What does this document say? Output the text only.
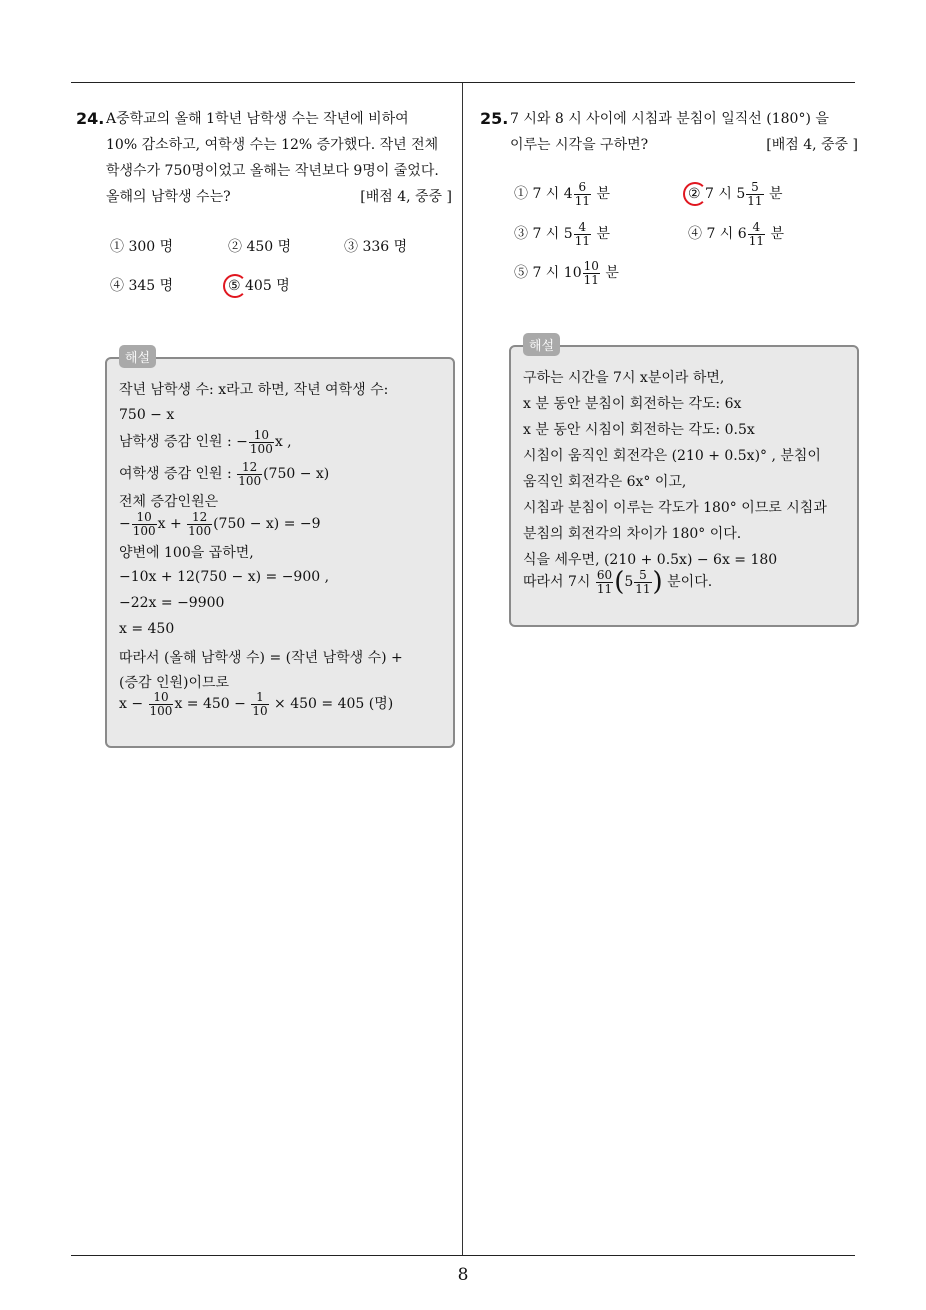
24. A중학교의 올해 1학년 남학생 수는 작년에 비하여
10% 감소하고, 여학생 수는 12% 증가했다. 작년 전체
학생수가 750명이었고 올해는 작년보다 9명이 줄었다.
올해의 남학생 수는?	[배점 4, 중중 ]
① 300 명	② 450 명	③ 336 명
④ 345 명	⑤ 405 명
해설
작년 남학생 수: x라고 하면, 작년 여학생 수:
750 − x
남학생 증감 인원 : − $\frac{10}{100}$ x ,
여학생 증감 인원 : $\frac{12}{100} (750 - x)$
전체 증감인원은
− $\frac{10}{100}$ $x + \frac{12}{100} (750 - x) = -9$
양변에 100을 곱하면,
−10x + 12(750 − x) = −900 ,
−22x = −9900
x = 450
따라서 (올해 남학생 수) = (작년 남학생 수) +
(증감 인원)이므로
$x - \frac{10}{100}$ $x = 450 - \frac{1}{10} \times 450 = 405$ (명)
25. 7 시와 8 시 사이에 시침과 분침이 일직선 (180°) 을
이루는 시각을 구하면?	[배점 4, 중중 ]
① 7 시 $4 \frac{6}{11}$ 분	② 7 시 $5 \frac{5}{11}$ 분
③ 7 시 $5 \frac{4}{11}$ 분	④ 7 시 $6 \frac{4}{11}$ 분
⑤ 7 시 $10 \frac{10}{11}$ 분
해설
구하는 시간을 7시 x분이라 하면,
x 분 동안 분침이 회전하는 각도: 6x
x 분 동안 시침이 회전하는 각도: 0.5x
시침이 움직인 회전각은 (210 + 0.5x)° , 분침이
움직인 회전각은 6x° 이고,
시침과 분침이 이루는 각도가 180° 이므로 시침과
분침의 회전각의 차이가 180° 이다.
식을 세우면, (210 + 0.5x) − 6x = 180
따라서 7시 $\frac{60}{11} (5 \frac{5}{11}$ ) 분이다.
8
